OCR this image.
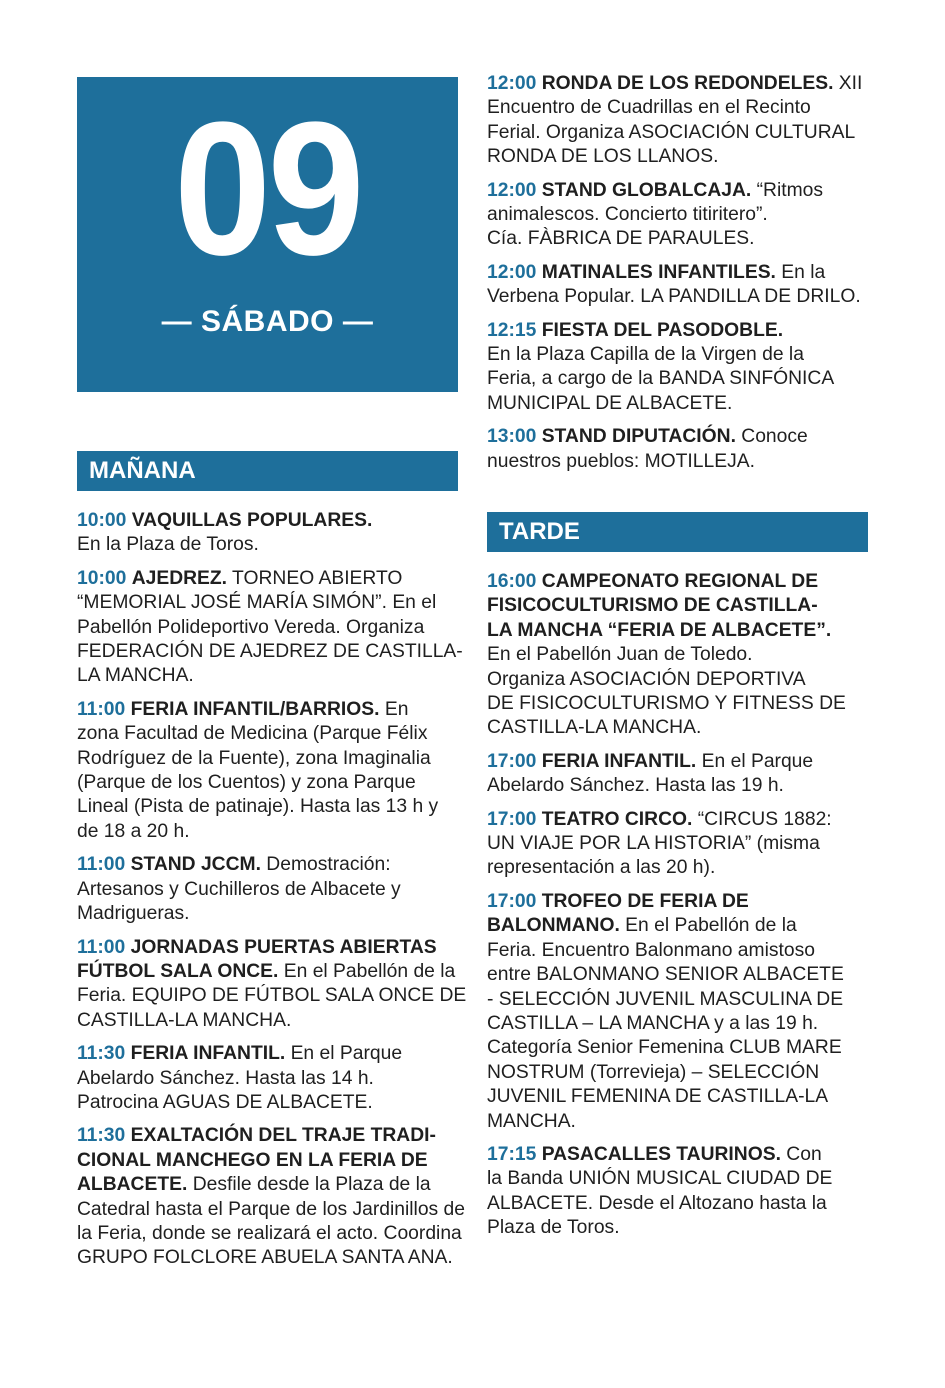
09
— SÁBADO —
MAÑANA
TARDE
10:00 VAQUILLAS POPULARES.
En la Plaza de Toros.
10:00 AJEDREZ. TORNEO ABIERTO
“MEMORIAL JOSÉ MARÍA SIMÓN”. En el
Pabellón Polideportivo Vereda. Organiza
FEDERACIÓN DE AJEDREZ DE CASTILLA-
LA MANCHA.
11:00 FERIA INFANTIL/BARRIOS. En
zona Facultad de Medicina (Parque Félix
Rodríguez de la Fuente), zona Imaginalia
(Parque de los Cuentos) y zona Parque
Lineal (Pista de patinaje). Hasta las 13 h y
de 18 a 20 h.
11:00 STAND JCCM. Demostración:
Artesanos y Cuchilleros de Albacete y
Madrigueras.
11:00 JORNADAS PUERTAS ABIERTAS
FÚTBOL SALA ONCE. En el Pabellón de la
Feria. EQUIPO DE FÚTBOL SALA ONCE DE
CASTILLA-LA MANCHA.
11:30 FERIA INFANTIL. En el Parque
Abelardo Sánchez. Hasta las 14 h.
Patrocina AGUAS DE ALBACETE.
11:30 EXALTACIÓN DEL TRAJE TRADI-
CIONAL MANCHEGO EN LA FERIA DE
ALBACETE. Desfile desde la Plaza de la
Catedral hasta el Parque de los Jardinillos de
la Feria, donde se realizará el acto. Coordina
GRUPO FOLCLORE ABUELA SANTA ANA.
12:00 RONDA DE LOS REDONDELES. XII Encuentro de Cuadrillas en el Recinto
Ferial. Organiza ASOCIACIÓN CULTURAL
RONDA DE LOS LLANOS.
12:00 STAND GLOBALCAJA. “Ritmos
animalescos. Concierto titiritero”.
Cía. FÀBRICA DE PARAULES.
12:00 MATINALES INFANTILES. En la
Verbena Popular. LA PANDILLA DE DRILO.
12:15 FIESTA DEL PASODOBLE.
En la Plaza Capilla de la Virgen de la
Feria, a cargo de la BANDA SINFÓNICA
MUNICIPAL DE ALBACETE.
13:00 STAND DIPUTACIÓN. Conoce
nuestros pueblos: MOTILLEJA.
16:00 CAMPEONATO REGIONAL DE
FISICOCULTURISMO DE CASTILLA-
LA MANCHA “FERIA DE ALBACETE”.
En el Pabellón Juan de Toledo.
Organiza ASOCIACIÓN DEPORTIVA
DE FISICOCULTURISMO Y FITNESS DE
CASTILLA-LA MANCHA.
17:00 FERIA INFANTIL. En el Parque
Abelardo Sánchez. Hasta las 19 h.
17:00 TEATRO CIRCO. “CIRCUS 1882:
UN VIAJE POR LA HISTORIA” (misma
representación a las 20 h).
17:00 TROFEO DE FERIA DE
BALONMANO. En el Pabellón de la
Feria. Encuentro Balonmano amistoso
entre BALONMANO SENIOR ALBACETE
- SELECCIÓN JUVENIL MASCULINA DE
CASTILLA – LA MANCHA y a las 19 h.
Categoría Senior Femenina CLUB MARE
NOSTRUM (Torrevieja) – SELECCIÓN
JUVENIL FEMENINA DE CASTILLA-LA
MANCHA.
17:15 PASACALLES TAURINOS. Con
la Banda UNIÓN MUSICAL CIUDAD DE
ALBACETE. Desde el Altozano hasta la
Plaza de Toros.
